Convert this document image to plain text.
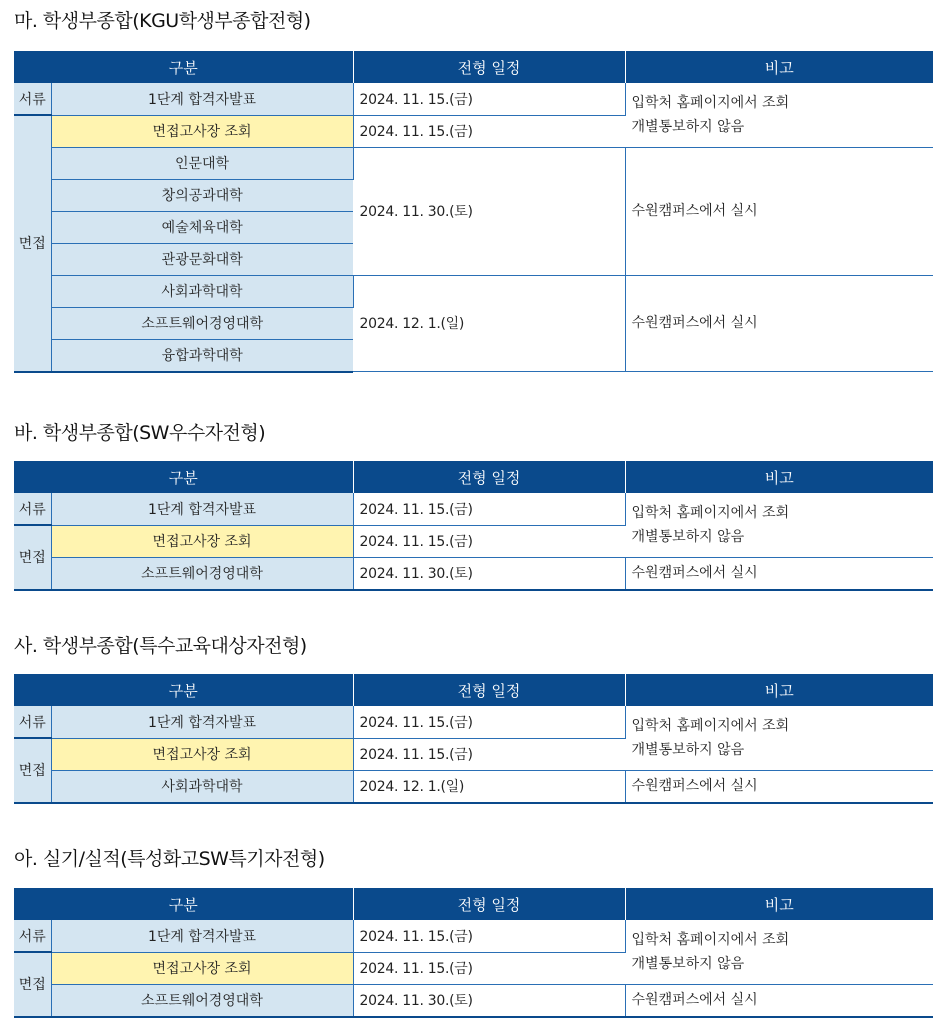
마. 학생부종합(KGU학생부종합전형)
구분		전형 일정	비고
서류	1단계 합격자발표	2024. 11. 15.(금)	입학처 홈페이지에서 조회
개별통보하지 않음
면접	면접고사장 조회	2024. 11. 15.(금)	
	인문대학	2024. 11. 30.(토)	수원캠퍼스에서 실시
	창의공과대학		
	예술체육대학		
	관광문화대학		
	사회과학대학	2024. 12. 1.(일)	수원캠퍼스에서 실시
	소프트웨어경영대학		
	융합과학대학		
바. 학생부종합(SW우수자전형)
구분		전형 일정	비고
서류	1단계 합격자발표	2024. 11. 15.(금)	입학처 홈페이지에서 조회
개별통보하지 않음
면접	면접고사장 조회	2024. 11. 15.(금)	
	소프트웨어경영대학	2024. 11. 30.(토)	수원캠퍼스에서 실시
사. 학생부종합(특수교육대상자전형)
구분		전형 일정	비고
서류	1단계 합격자발표	2024. 11. 15.(금)	입학처 홈페이지에서 조회
개별통보하지 않음
면접	면접고사장 조회	2024. 11. 15.(금)	
	사회과학대학	2024. 12. 1.(일)	수원캠퍼스에서 실시
아. 실기/실적(특성화고SW특기자전형)
구분		전형 일정	비고
서류	1단계 합격자발표	2024. 11. 15.(금)	입학처 홈페이지에서 조회
개별통보하지 않음
면접	면접고사장 조회	2024. 11. 15.(금)	
	소프트웨어경영대학	2024. 11. 30.(토)	수원캠퍼스에서 실시
